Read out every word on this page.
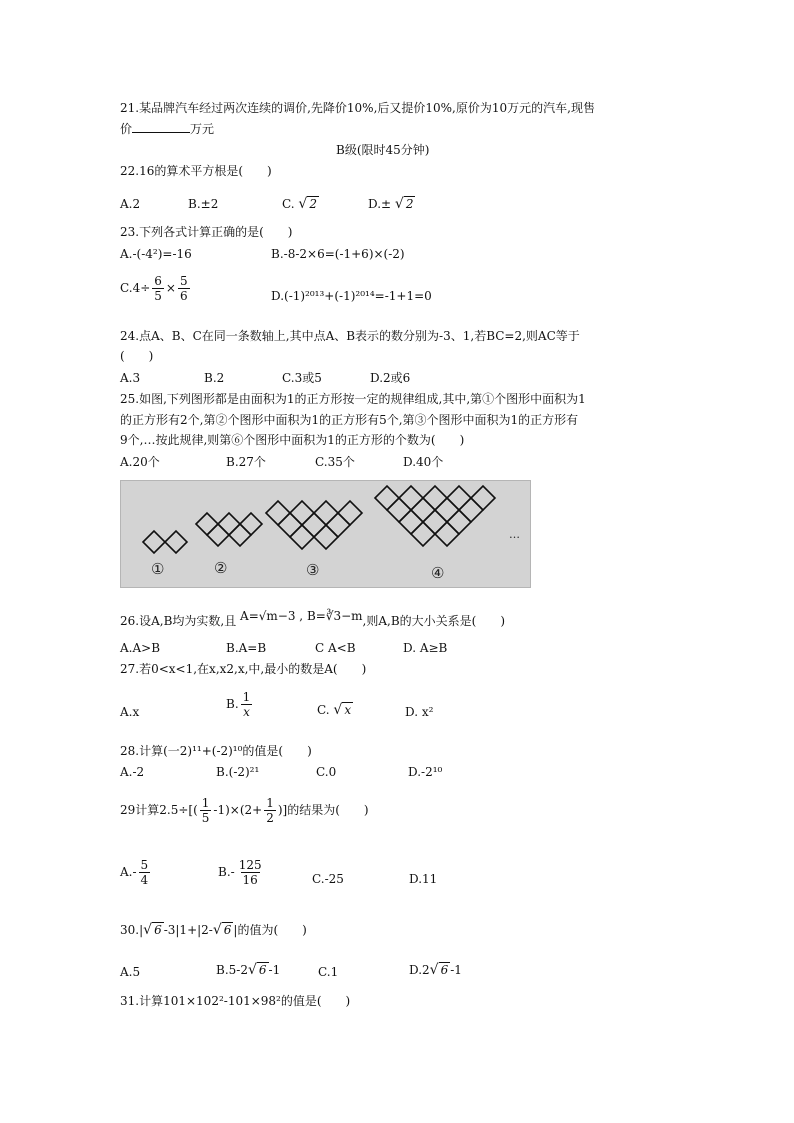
21.某品牌汽车经过两次连续的调价,先降价10%,后又提价10%,原价为10万元的汽车,现售
价	万元
B级(限时45分钟)
22.16的算术平方根是(　　)
A.2	B.±2	C. √ 2	D.± √ 2
23.下列各式计算正确的是(　　)
A.-(-4²)=-16	B.-8-2×6=(-1+6)×(-2)
$C.4\div \frac{6}{5} \times \frac{5}{6}$	D.(-1)²⁰¹³+(-1)²⁰¹⁴=-1+1=0
24.点A、B、C在同一条数轴上,其中点A、B表示的数分别为-3、1,若BC=2,则AC等于
(　　)
A.3	B.2	C.3或5	D.2或6
25.如图,下列图形都是由面积为1的正方形按一定的规律组成,其中,第①个图形中面积为1
的正方形有2个,第②个图形中面积为1的正方形有5个,第③个图形中面积为1的正方形有
9个,…按此规律,则第⑥个图形中面积为1的正方形的个数为(　　)
A.20个	B.27个	C.35个	D.40个
①	②	③	④
…
26.设A,B均为实数,且 A=√m−3 , B=∛3−m,则A,B的大小关系是(　　)
A.A>B	B.A=B	C A<B	D. A≥B
27.若0<x<1,在x,x2,x,中,最小的数是A(　　)
A.x
B. $\frac{1}{x}$	C. √ x	D. x²
28.计算(一2)¹¹+(-2)¹⁰的值是(　　)
A.-2	B.(-2)²¹	C.0	D.-2¹⁰
29计算$2.5\div[( \frac{1}{5} -1)\times(2+ \frac{1}{2}$ )]的结果为(　　)
$A.- \frac{5}{4}$	$B.- \frac{125}{16}$	C.-25	D.11
30.|√ 6 -3|1+|2-√ 6 |的值为(　　)
A.5	B.5-2√ 6 -1	C.1	D.2√ 6 -1
31.计算101×102²-101×98²的值是(　　)
